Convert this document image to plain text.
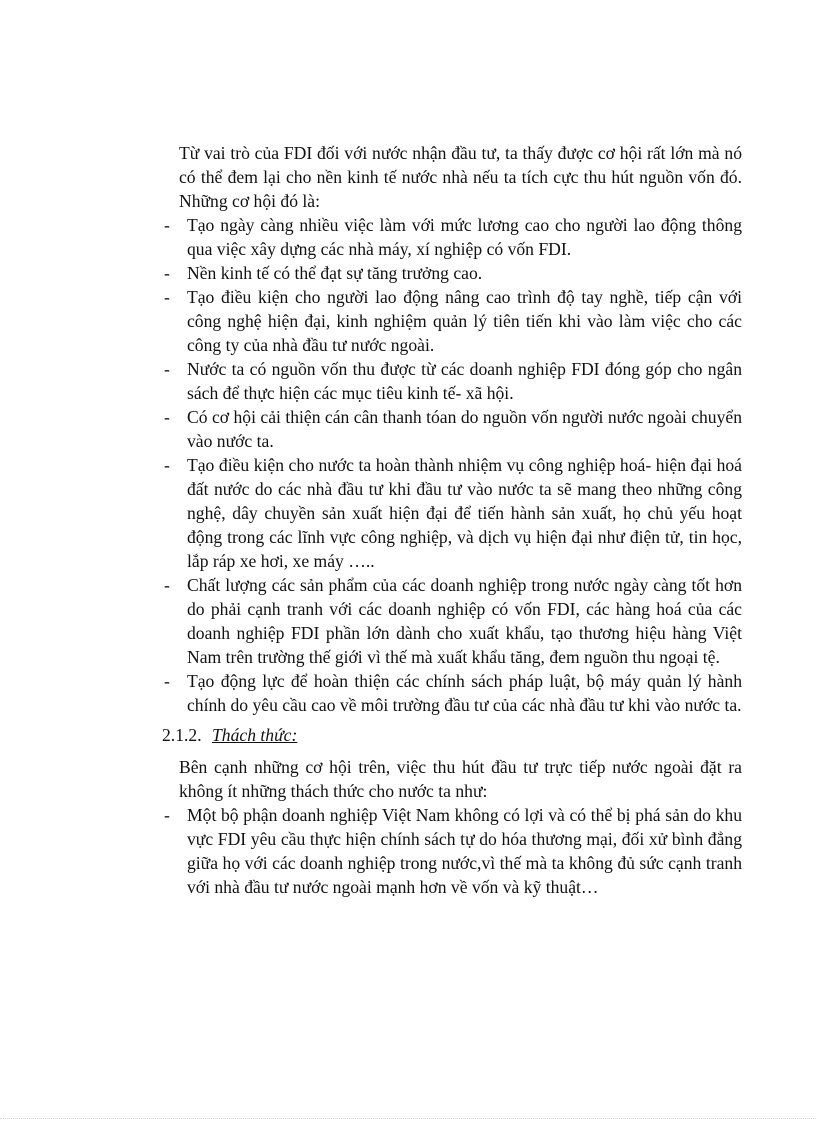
Từ vai trò của FDI đối với nước nhận đầu tư, ta thấy được cơ hội rất lớn mà nó có thể đem lại cho nền kinh tế nước nhà nếu ta tích cực thu hút nguồn vốn đó. Những cơ hội đó là:

- Tạo ngày càng nhiều việc làm với mức lương cao cho người lao động thông qua việc xây dựng các nhà máy, xí nghiệp có vốn FDI.
- Nền kinh tế có thể đạt sự tăng trưởng cao.
- Tạo điều kiện cho người lao động nâng cao trình độ tay nghề, tiếp cận với công nghệ hiện đại, kinh nghiệm quản lý tiên tiến khi vào làm việc cho các công ty của nhà đầu tư nước ngoài.
- Nước ta có nguồn vốn thu được từ các doanh nghiệp FDI đóng góp cho ngân sách để thực hiện các mục tiêu kinh tế- xã hội.
- Có cơ hội cải thiện cán cân thanh tóan do nguồn vốn người nước ngoài chuyển vào nước ta.
- Tạo điều kiện cho nước ta hoàn thành nhiệm vụ công nghiệp hoá- hiện đại hoá đất nước do các nhà đầu tư khi đầu tư vào nước ta sẽ mang theo những công nghệ, dây chuyền sản xuất hiện đại để tiến hành sản xuất, họ chủ yếu hoạt động trong các lĩnh vực công nghiệp, và dịch vụ hiện đại như điện tử, tin học, lắp ráp xe hơi, xe máy …..
- Chất lượng các sản phẩm của các doanh nghiệp trong nước ngày càng tốt hơn do phải cạnh tranh với các doanh nghiệp có vốn FDI, các hàng hoá của các doanh nghiệp FDI phần lớn dành cho xuất khẩu, tạo thương hiệu hàng Việt Nam trên trường thế giới vì thế mà xuất khẩu tăng, đem nguồn thu ngoại tệ.
- Tạo động lực để hoàn thiện các chính sách pháp luật, bộ máy quản lý hành chính do yêu cầu cao về môi trường đầu tư của các nhà đầu tư khi vào nước ta.
2.1.2. Thách thức:

Bên cạnh những cơ hội trên, việc thu hút đầu tư trực tiếp nước ngoài đặt ra không ít những thách thức cho nước ta như:

- Một bộ phận doanh nghiệp Việt Nam không có lợi và có thể bị phá sản do khu vực FDI yêu cầu thực hiện chính sách tự do hóa thương mại, đối xử bình đẳng giữa họ với các doanh nghiệp trong nước,vì thế mà ta không đủ sức cạnh tranh với nhà đầu tư nước ngoài mạnh hơn về vốn và kỹ thuật…
